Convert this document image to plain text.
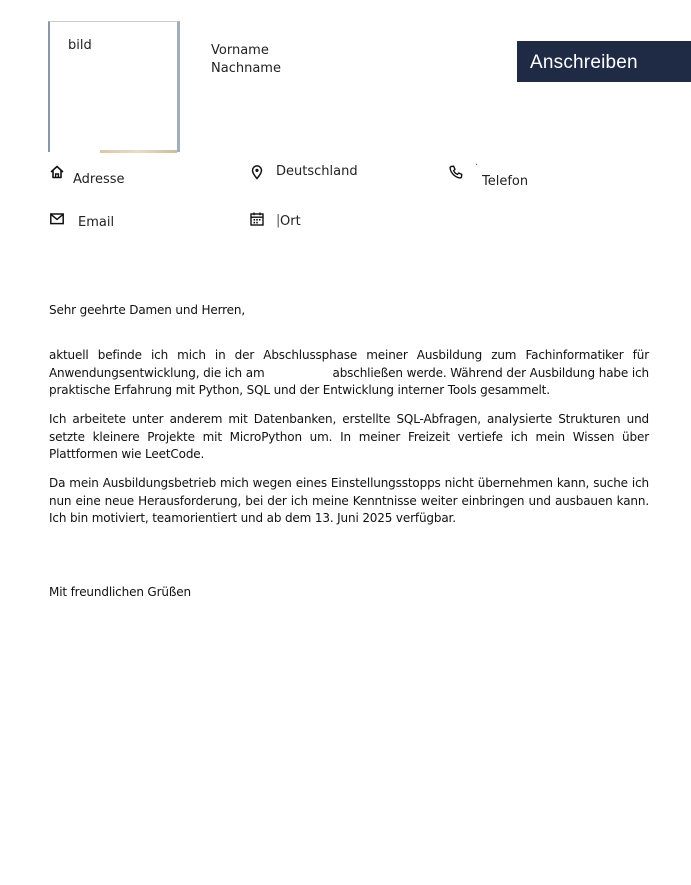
bild	Vorname
Nachname	Anschreiben
Adresse
Deutschland	·
Telefon
Email	| Ort
Sehr geehrte Damen und Herren,
aktuell befinde ich mich in der Abschlussphase meiner Ausbildung zum Fachinformatiker für Anwendungsentwicklung, die ich am	abschließen werde. Während der Ausbildung habe ich praktische Erfahrung mit Python, SQL und der Entwicklung interner Tools gesammelt.
Ich arbeitete unter anderem mit Datenbanken, erstellte SQL-Abfragen, analysierte Strukturen und setzte kleinere Projekte mit MicroPython um. In meiner Freizeit vertiefe ich mein Wissen über Plattformen wie LeetCode.
Da mein Ausbildungsbetrieb mich wegen eines Einstellungsstopps nicht übernehmen kann, suche ich nun eine neue Herausforderung, bei der ich meine Kenntnisse weiter einbringen und ausbauen kann. Ich bin motiviert, teamorientiert und ab dem 13. Juni 2025 verfügbar.
Mit freundlichen Grüßen
